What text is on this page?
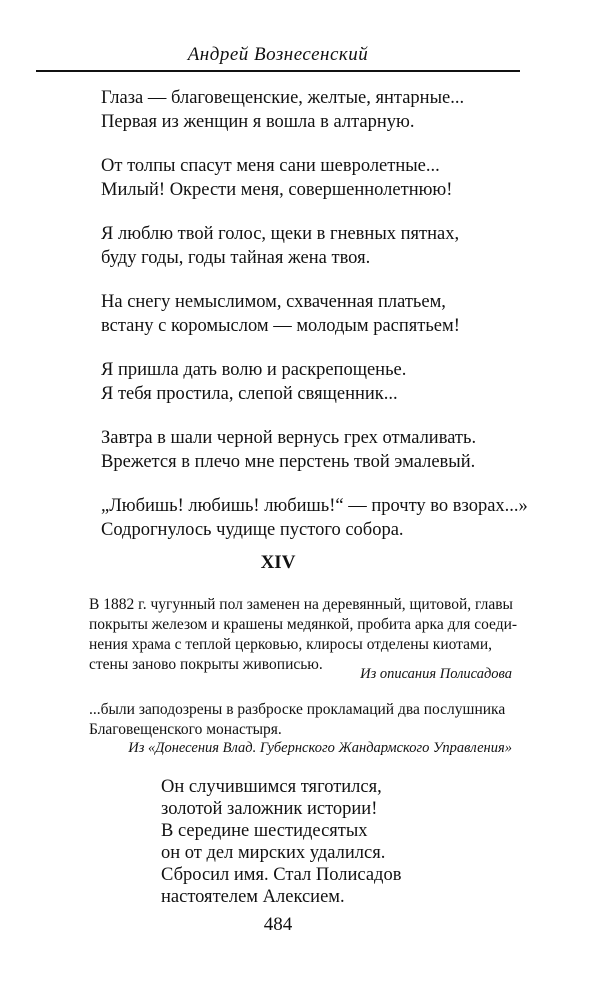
Андрей Вознесенский
Глаза — благовещенские, желтые, янтарные...
Первая из женщин я вошла в алтарную.
От толпы спасут меня сани шевролетные...
Милый! Окрести меня, совершеннолетнюю!
Я люблю твой голос, щеки в гневных пятнах,
буду годы, годы тайная жена твоя.
На снегу немыслимом, схваченная платьем,
встану с коромыслом — молодым распятьем!
Я пришла дать волю и раскрепощенье.
Я тебя простила, слепой священник...
Завтра в шали черной вернусь грех отмаливать.
Врежется в плечо мне перстень твой эмалевый.
„Любишь! любишь! любишь!“ — прочту во взорах...»
Содрогнулось чудище пустого собора.
XIV
В 1882 г. чугунный пол заменен на деревянный, щитовой, главы
покрыты железом и крашены медянкой, пробита арка для соеди-
нения храма с теплой церковью, клиросы отделены киотами,
стены заново покрыты живописью.
Из описания Полисадова
...были заподозрены в разброске прокламаций два послушника
Благовещенского монастыря.
Из «Донесения Влад. Губернского Жандармского Управления»
Он случившимся тяготился,
золотой заложник истории!
В середине шестидесятых
он от дел мирских удалился.
Сбросил имя. Стал Полисадов
настоятелем Алексием.
484
